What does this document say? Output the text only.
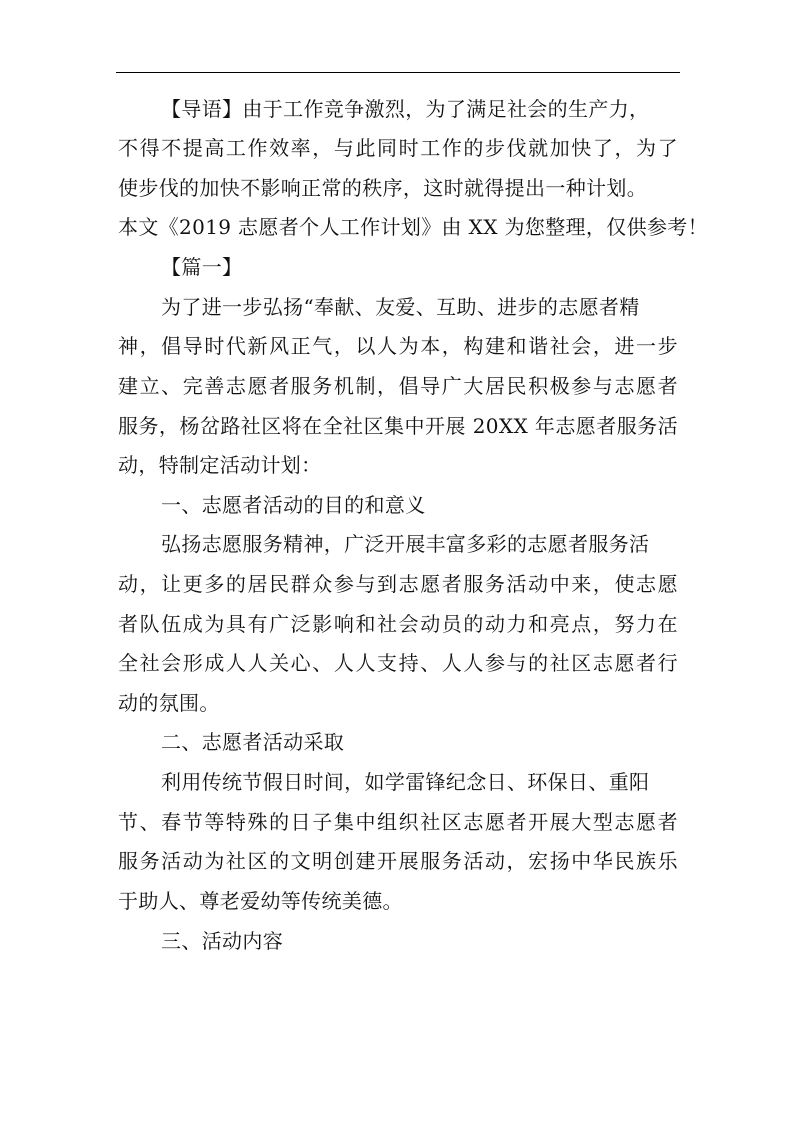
【导语】由于工作竞争激烈，为了满足社会的生产力，
不得不提高工作效率，与此同时工作的步伐就加快了，为了
使步伐的加快不影响正常的秩序，这时就得提出一种计划。
本文《2019 志愿者个人工作计划》由 XX 为您整理，仅供参考！
【篇一】
为了进一步弘扬“奉献、友爱、互助、进步的志愿者精
神，倡导时代新风正气，以人为本，构建和谐社会，进一步
建立、完善志愿者服务机制，倡导广大居民积极参与志愿者
服务，杨岔路社区将在全社区集中开展 20XX 年志愿者服务活
动，特制定活动计划：
一、志愿者活动的目的和意义
弘扬志愿服务精神，广泛开展丰富多彩的志愿者服务活
动，让更多的居民群众参与到志愿者服务活动中来，使志愿
者队伍成为具有广泛影响和社会动员的动力和亮点，努力在
全社会形成人人关心、人人支持、人人参与的社区志愿者行
动的氛围。
二、志愿者活动采取
利用传统节假日时间，如学雷锋纪念日、环保日、重阳
节、春节等特殊的日子集中组织社区志愿者开展大型志愿者
服务活动为社区的文明创建开展服务活动，宏扬中华民族乐
于助人、尊老爱幼等传统美德。
三、活动内容
